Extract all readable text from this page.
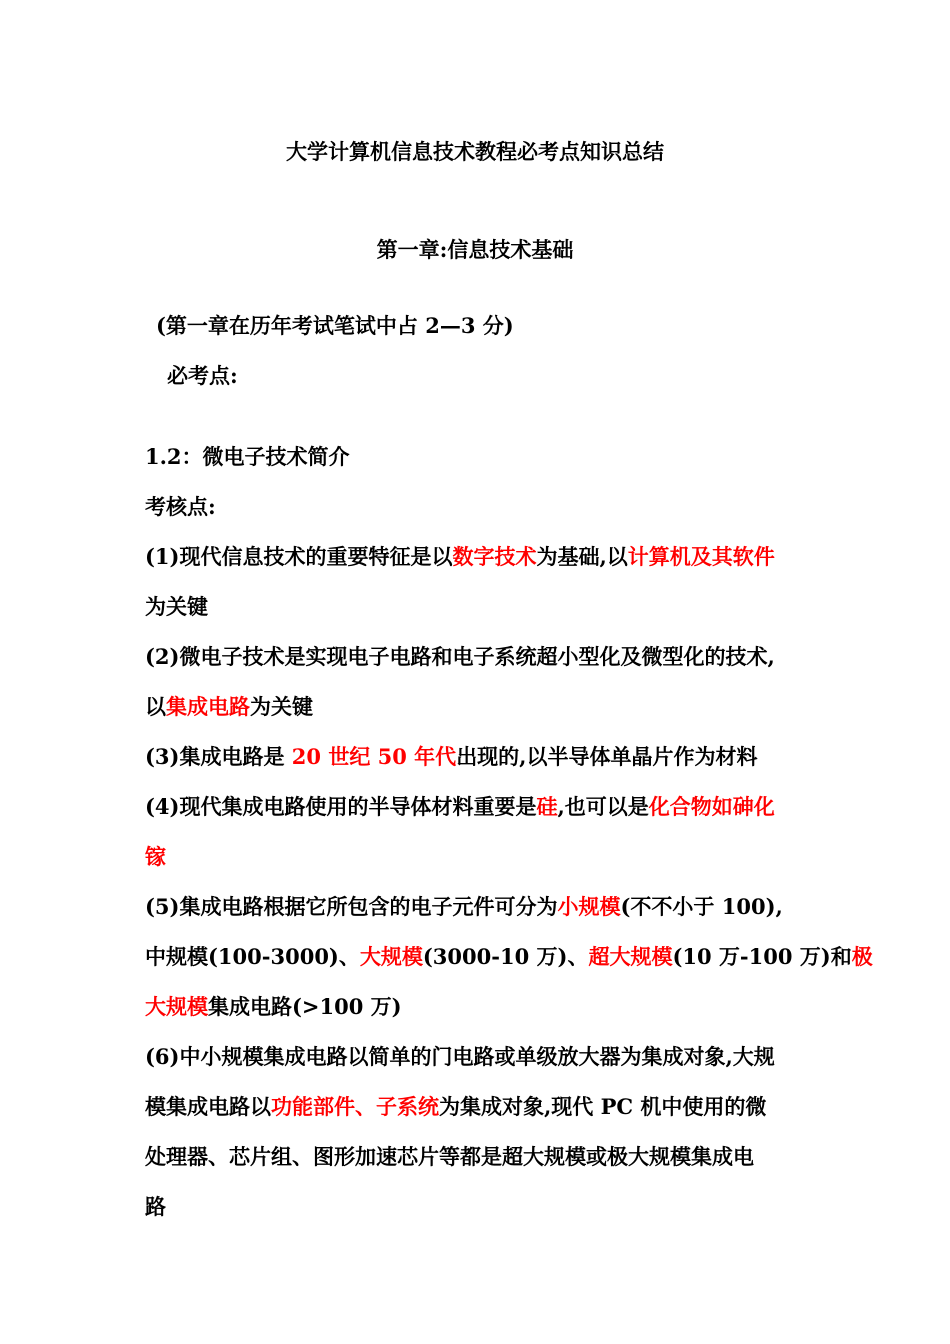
大学计算机信息技术教程必考点知识总结
第一章:信息技术基础
(第一章在历年考试笔试中占 2—3 分)
必考点:
1.2：微电子技术简介
考核点:
(1)现代信息技术的重要特征是以数字技术为基础,以计算机及其软件
为关键
(2)微电子技术是实现电子电路和电子系统超小型化及微型化的技术,
以集成电路为关键
(3)集成电路是 20 世纪 50 年代出现的,以半导体单晶片作为材料
(4)现代集成电路使用的半导体材料重要是硅,也可以是化合物如砷化
镓
(5)集成电路根据它所包含的电子元件可分为小规模(不不小于 100),
中规模(100-3000)、大规模(3000-10 万)、超大规模(10 万-100 万)和极
大规模集成电路(>100 万)
(6)中小规模集成电路以简单的门电路或单级放大器为集成对象,大规
模集成电路以功能部件、子系统为集成对象,现代 PC 机中使用的微
处理器、芯片组、图形加速芯片等都是超大规模或极大规模集成电
路
